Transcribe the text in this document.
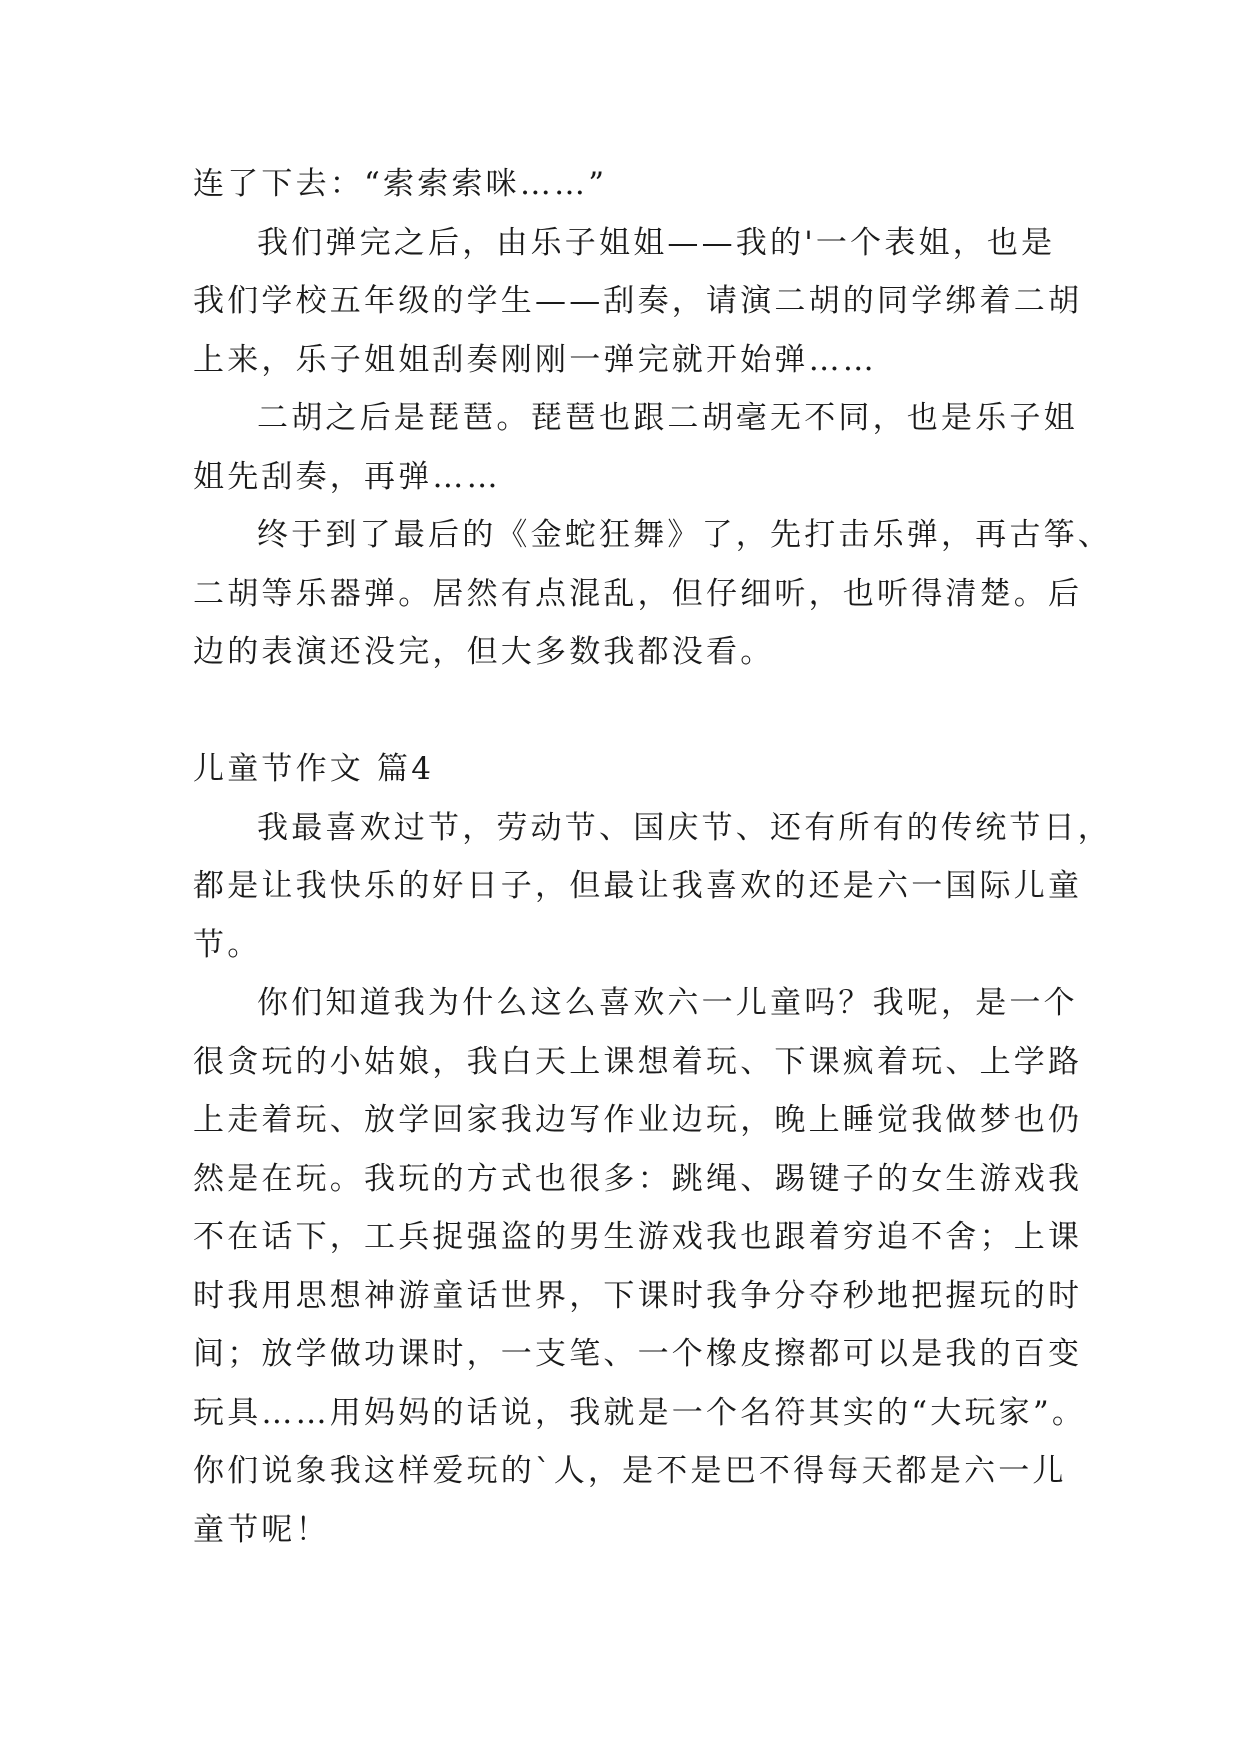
连了下去：“索索索咪……”
我们弹完之后，由乐子姐姐——我的'一个表姐，也是
我们学校五年级的学生——刮奏，请演二胡的同学绑着二胡
上来，乐子姐姐刮奏刚刚一弹完就开始弹……
二胡之后是琵琶。琵琶也跟二胡毫无不同，也是乐子姐
姐先刮奏，再弹……
终于到了最后的《金蛇狂舞》了，先打击乐弹，再古筝、
二胡等乐器弹。居然有点混乱，但仔细听，也听得清楚。后
边的表演还没完，但大多数我都没看。
儿童节作文 篇4
我最喜欢过节，劳动节、国庆节、还有所有的传统节日，
都是让我快乐的好日子，但最让我喜欢的还是六一国际儿童
节。
你们知道我为什么这么喜欢六一儿童吗？我呢，是一个
很贪玩的小姑娘，我白天上课想着玩、下课疯着玩、上学路
上走着玩、放学回家我边写作业边玩，晚上睡觉我做梦也仍
然是在玩。我玩的方式也很多：跳绳、踢键子的女生游戏我
不在话下，工兵捉强盗的男生游戏我也跟着穷追不舍；上课
时我用思想神游童话世界，下课时我争分夺秒地把握玩的时
间；放学做功课时，一支笔、一个橡皮擦都可以是我的百变
玩具……用妈妈的话说，我就是一个名符其实的“大玩家”。
你们说象我这样爱玩的`人，是不是巴不得每天都是六一儿
童节呢！
